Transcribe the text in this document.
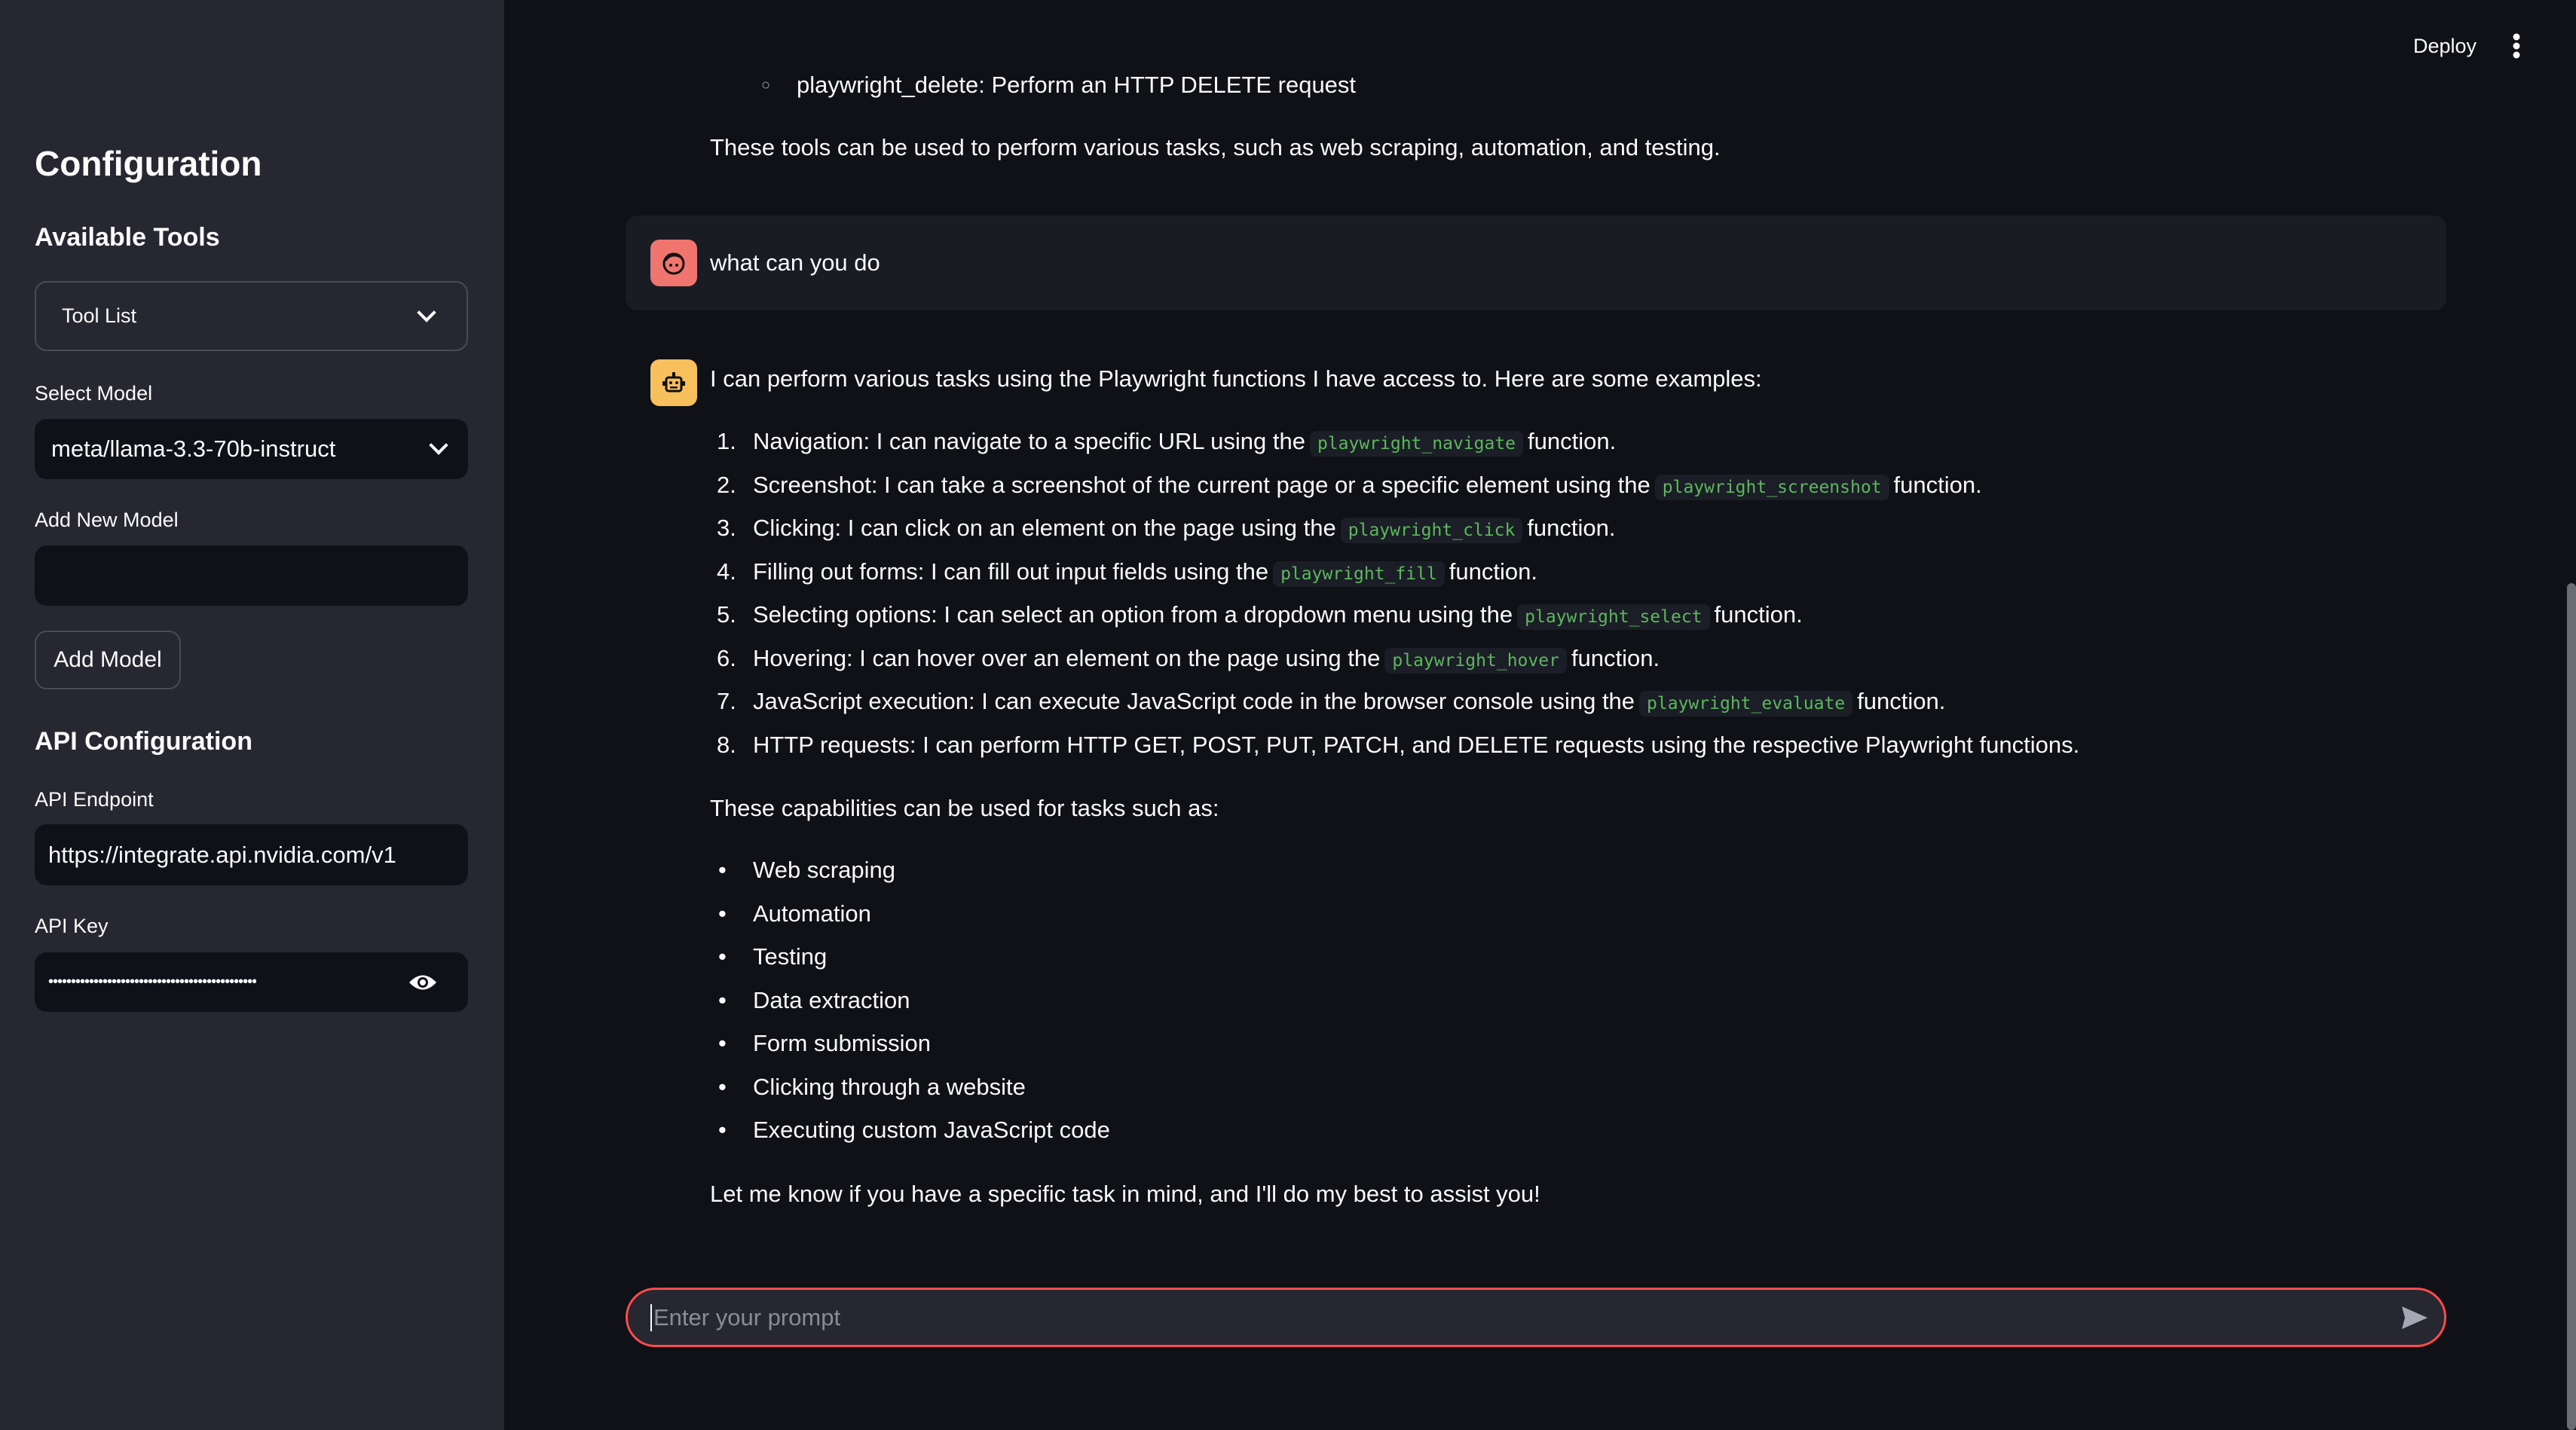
Configuration
Available Tools
Tool List
Select Model
meta/llama-3.3-70b-instruct
Add New Model
Add Model
API Configuration
API Endpoint
https://integrate.api.nvidia.com/v1
API Key
••••••••••••••••••••••••••••••••••••••••••••••
Deploy
○ playwright_delete: Perform an HTTP DELETE request
These tools can be used to perform various tasks, such as web scraping, automation, and testing.
what can you do
I can perform various tasks using the Playwright functions I have access to. Here are some examples:
1. Navigation: I can navigate to a specific URL using the playwright_navigate function.
2. Screenshot: I can take a screenshot of the current page or a specific element using the playwright_screenshot function.
3. Clicking: I can click on an element on the page using the playwright_click function.
4. Filling out forms: I can fill out input fields using the playwright_fill function.
5. Selecting options: I can select an option from a dropdown menu using the playwright_select function.
6. Hovering: I can hover over an element on the page using the playwright_hover function.
7. JavaScript execution: I can execute JavaScript code in the browser console using the playwright_evaluate function.
8. HTTP requests: I can perform HTTP GET, POST, PUT, PATCH, and DELETE requests using the respective Playwright functions.
These capabilities can be used for tasks such as:
• Web scraping
• Automation
• Testing
• Data extraction
• Form submission
• Clicking through a website
• Executing custom JavaScript code
Let me know if you have a specific task in mind, and I'll do my best to assist you!
Enter your prompt
